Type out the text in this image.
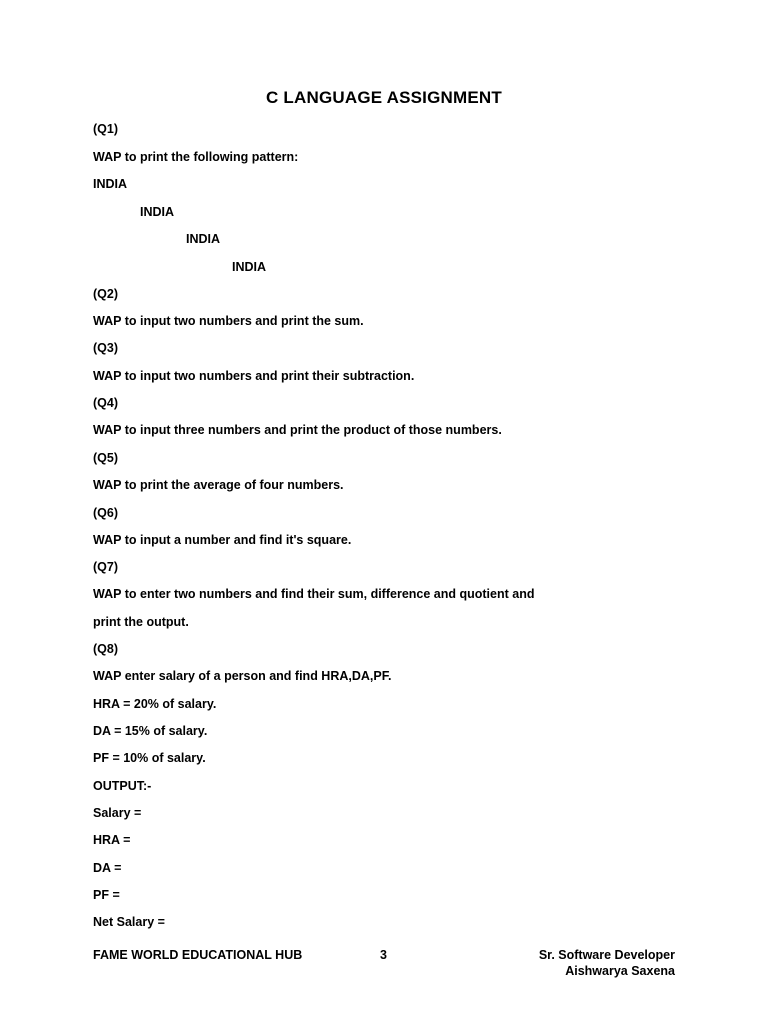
C LANGUAGE ASSIGNMENT
(Q1)
WAP to print the following pattern:
INDIA
INDIA
INDIA
INDIA
(Q2)
WAP to input two numbers and print the sum.
(Q3)
WAP to input two numbers and print their subtraction.
(Q4)
WAP to input three numbers and print the product of those numbers.
(Q5)
WAP to print the average of four numbers.
(Q6)
WAP to input a number and find it's square.
(Q7)
WAP to enter two numbers and find their sum, difference and quotient and
print the output.
(Q8)
WAP enter salary of a person and find HRA,DA,PF.
HRA = 20% of salary.
DA = 15% of salary.
PF = 10% of salary.
OUTPUT:-
Salary =
HRA =
DA =
PF =
Net Salary =
FAME WORLD EDUCATIONAL HUB	3	Sr. Software Developer
Aishwarya Saxena
